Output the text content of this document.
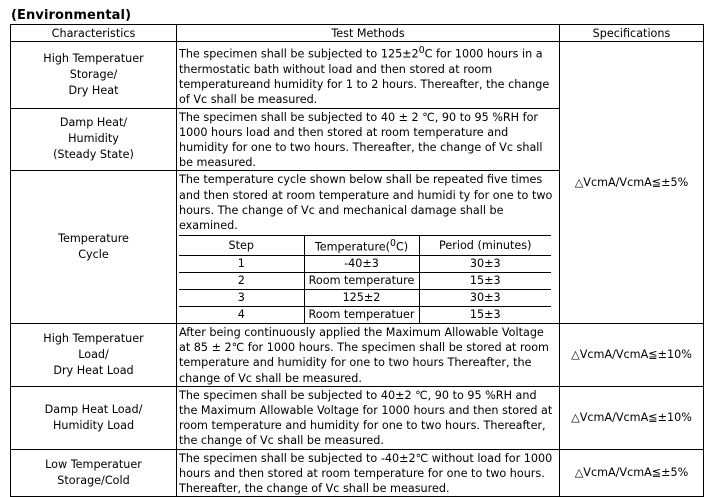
(Environmental)
Characteristics	Test Methods	Specifications

High Temperatuer
Storage/
Dry Heat

The specimen shall be subjected to $125\pm 2^0C$ for 1000 hours in a thermostatic bath without load and then stored at room temperatureand humidity for 1 to 2 hours. Thereafter, the change of Vc shall be measured.
	△VcmA/VcmA≦±5%

Damp Heat/
Humidity
(Steady State)

The specimen shall be subjected to 40 ± 2 ℃, 90 to 95 %RH for 1000 hours load and then stored at room temperature and humidity for one to two hours. Thereafter, the change of Vc shall be measured.

Temperature
Cycle

The temperature cycle shown below shall be repeated five times and then stored at room temperature and humidi ty for one to two hours. The change of Vc and mechanical damage shall be examined.
Step	Temperature($^0$C)	Period (minutes)
1	-40±3	30±3
2	Room temperature	15±3
3	125±2	30±3
4	Room temperatuer	15±3

High Temperatuer
Load/
Dry Heat Load

After being continuously applied the Maximum Allowable Voltage at 85 ± 2℃ for 1000 hours. The specimen shall be stored at room temperature and humidity for one to two hours Thereafter, the change of Vc shall be measured.
	△VcmA/VcmA≦±10%

Damp Heat Load/
Humidity Load

The specimen shall be subjected to 40±2 ℃, 90 to 95 %RH and the Maximum Allowable Voltage for 1000 hours and then stored at room temperature and humidity for one to two hours. Thereafter, the change of Vc shall be measured.
	△VcmA/VcmA≦±10%

Low Temperatuer
Storage/Cold

The specimen shall be subjected to -40±2℃ without load for 1000 hours and then stored at room temperature for one to two hours. Thereafter, the change of Vc shall be measured.
	△VcmA/VcmA≦±5%
